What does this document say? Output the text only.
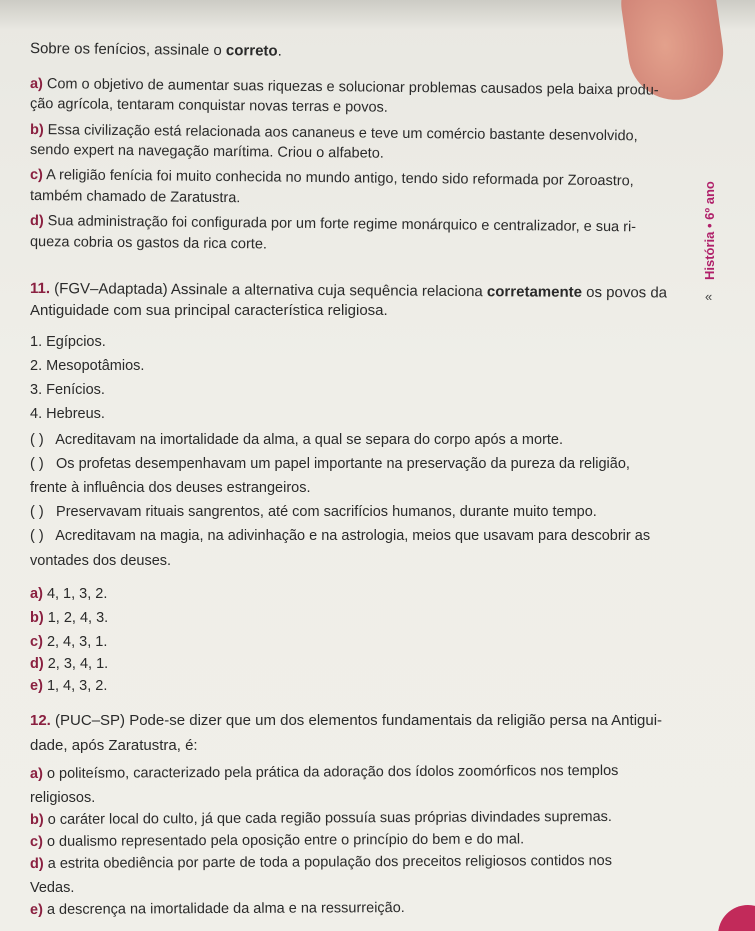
História • 6º ano
«
Sobre os fenícios, assinale o correto.
a) Com o objetivo de aumentar suas riquezas e solucionar problemas causados pela baixa produ-
ção agrícola, tentaram conquistar novas terras e povos.
b) Essa civilização está relacionada aos cananeus e teve um comércio bastante desenvolvido,
sendo expert na navegação marítima. Criou o alfabeto.
c) A religião fenícia foi muito conhecida no mundo antigo, tendo sido reformada por Zoroastro,
também chamado de Zaratustra.
d) Sua administração foi configurada por um forte regime monárquico e centralizador, e sua ri-
queza cobria os gastos da rica corte.
11. (FGV–Adaptada) Assinale a alternativa cuja sequência relaciona corretamente os povos da
Antiguidade com sua principal característica religiosa.
1. Egípcios.
2. Mesopotâmios.
3. Fenícios.
4. Hebreus.
( ) Acreditavam na imortalidade da alma, a qual se separa do corpo após a morte.
( ) Os profetas desempenhavam um papel importante na preservação da pureza da religião,
frente à influência dos deuses estrangeiros.
( ) Preservavam rituais sangrentos, até com sacrifícios humanos, durante muito tempo.
( ) Acreditavam na magia, na adivinhação e na astrologia, meios que usavam para descobrir as
vontades dos deuses.
a) 4, 1, 3, 2.
b) 1, 2, 4, 3.
c) 2, 4, 3, 1.
d) 2, 3, 4, 1.
e) 1, 4, 3, 2.
12. (PUC–SP) Pode-se dizer que um dos elementos fundamentais da religião persa na Antigui-
dade, após Zaratustra, é:
a) o politeísmo, caracterizado pela prática da adoração dos ídolos zoomórficos nos templos
religiosos.
b) o caráter local do culto, já que cada região possuía suas próprias divindades supremas.
c) o dualismo representado pela oposição entre o princípio do bem e do mal.
d) a estrita obediência por parte de toda a população dos preceitos religiosos contidos nos
Vedas.
e) a descrença na imortalidade da alma e na ressurreição.
